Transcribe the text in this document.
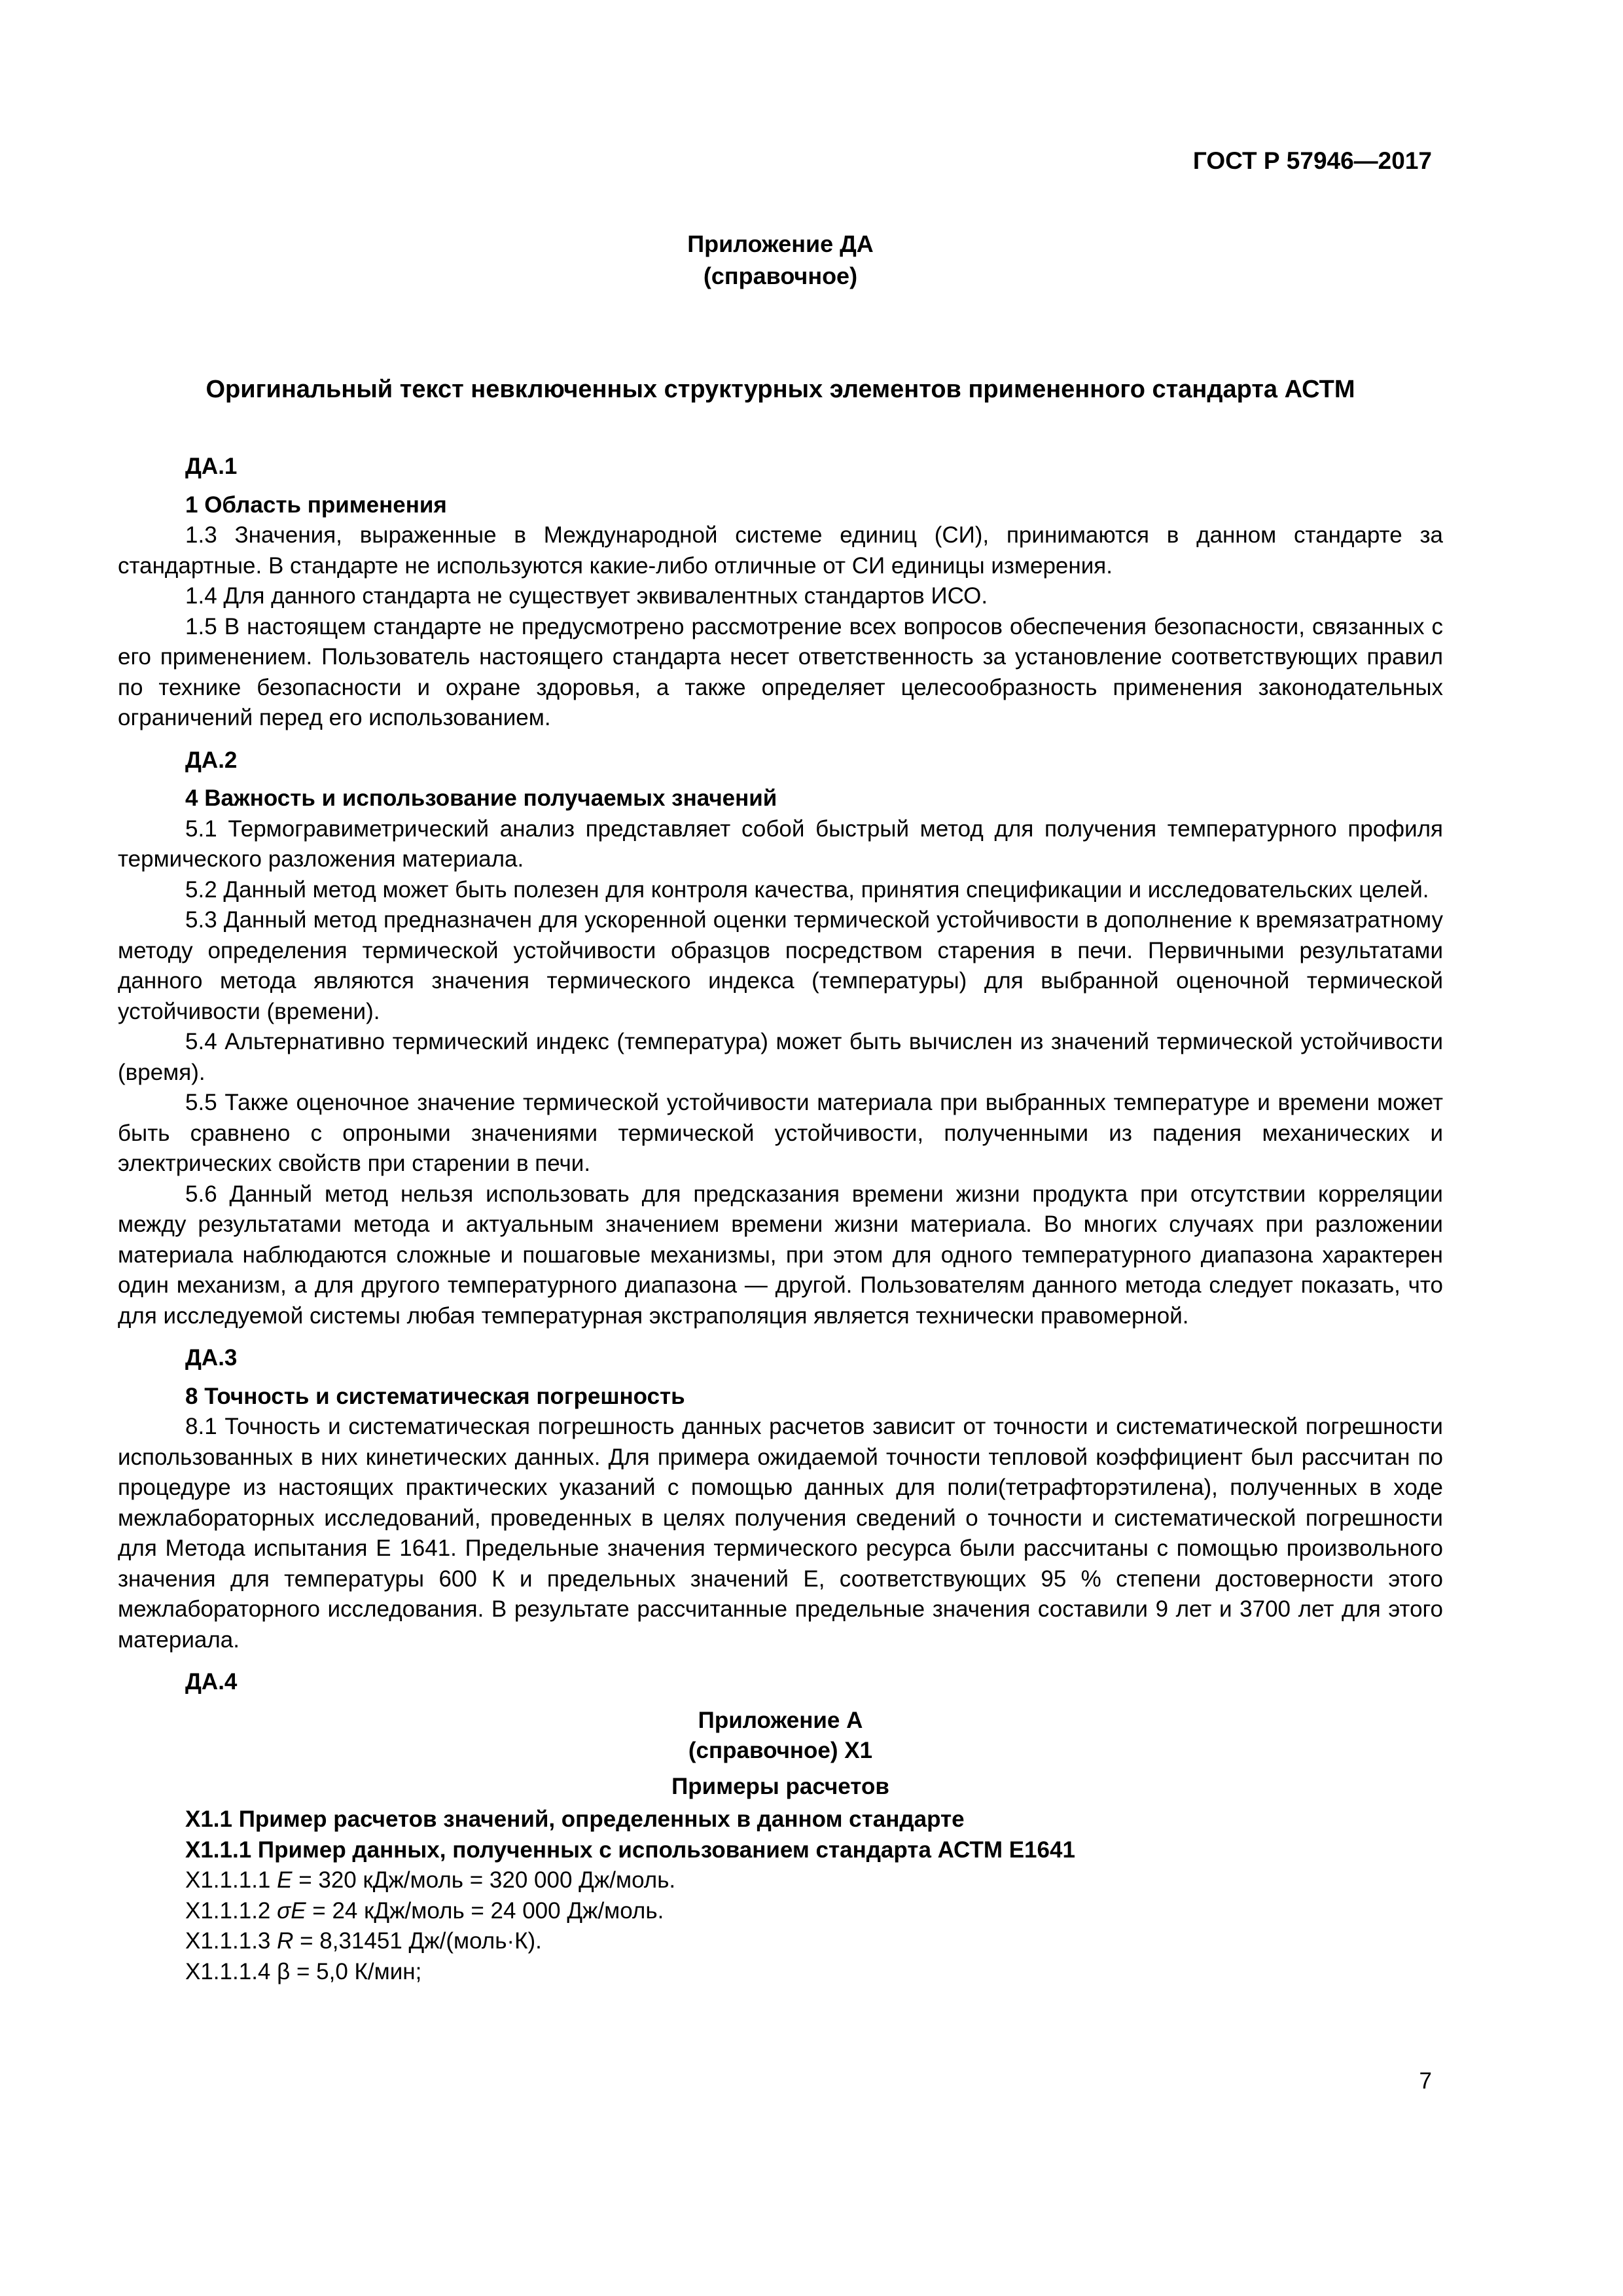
ГОСТ Р 57946—2017
Приложение ДА
(справочное)
Оригинальный текст невключенных структурных элементов примененного стандарта АСТМ
ДА.1
1 Область применения

1.3 Значения, выраженные в Международной системе единиц (СИ), принимаются в данном стандарте за стандартные. В стандарте не используются какие-либо отличные от СИ единицы измерения.

1.4 Для данного стандарта не существует эквивалентных стандартов ИСО.

1.5 В настоящем стандарте не предусмотрено рассмотрение всех вопросов обеспечения безопасности, связанных с его применением. Пользователь настоящего стандарта несет ответственность за установление соответствующих правил по технике безопасности и охране здоровья, а также определяет целесообразность применения законодательных ограничений перед его использованием.

ДА.2
4 Важность и использование получаемых значений

5.1 Термогравиметрический анализ представляет собой быстрый метод для получения температурного профиля термического разложения материала.

5.2 Данный метод может быть полезен для контроля качества, принятия спецификации и исследовательских целей.

5.3 Данный метод предназначен для ускоренной оценки термической устойчивости в дополнение к времязатратному методу определения термической устойчивости образцов посредством старения в печи. Первичными результатами данного метода являются значения термического индекса (температуры) для выбранной оценочной термической устойчивости (времени).

5.4 Альтернативно термический индекс (температура) может быть вычислен из значений термической устойчивости (время).

5.5 Также оценочное значение термической устойчивости материала при выбранных температуре и времени может быть сравнено с опроными значениями термической устойчивости, полученными из падения механических и электрических свойств при старении в печи.

5.6 Данный метод нельзя использовать для предсказания времени жизни продукта при отсутствии корреляции между результатами метода и актуальным значением времени жизни материала. Во многих случаях при разложении материала наблюдаются сложные и пошаговые механизмы, при этом для одного температурного диапазона характерен один механизм, а для другого температурного диапазона — другой. Пользователям данного метода следует показать, что для исследуемой системы любая температурная экстраполяция является технически правомерной.

ДА.3
8 Точность и систематическая погрешность

8.1 Точность и систематическая погрешность данных расчетов зависит от точности и систематической погрешности использованных в них кинетических данных. Для примера ожидаемой точности тепловой коэффициент был рассчитан по процедуре из настоящих практических указаний с помощью данных для поли(тетрафторэтилена), полученных в ходе межлабораторных исследований, проведенных в целях получения сведений о точности и систематической погрешности для Метода испытания Е 1641. Предельные значения термического ресурса были рассчитаны с помощью произвольного значения для температуры 600 К и предельных значений Е, соответствующих 95 % степени достоверности этого межлабораторного исследования. В результате рассчитанные предельные значения составили 9 лет и 3700 лет для этого материала.

ДА.4
Приложение А
(справочное) Х1
Примеры расчетов
Х1.1 Пример расчетов значений, определенных в данном стандарте
Х1.1.1 Пример данных, полученных с использованием стандарта АСТМ Е1641
Х1.1.1.1 E = 320 кДж/моль = 320 000 Дж/моль.
Х1.1.1.2 σE = 24 кДж/моль = 24 000 Дж/моль.
Х1.1.1.3 R = 8,31451 Дж/(моль·К).
Х1.1.1.4 β = 5,0 К/мин;
7
